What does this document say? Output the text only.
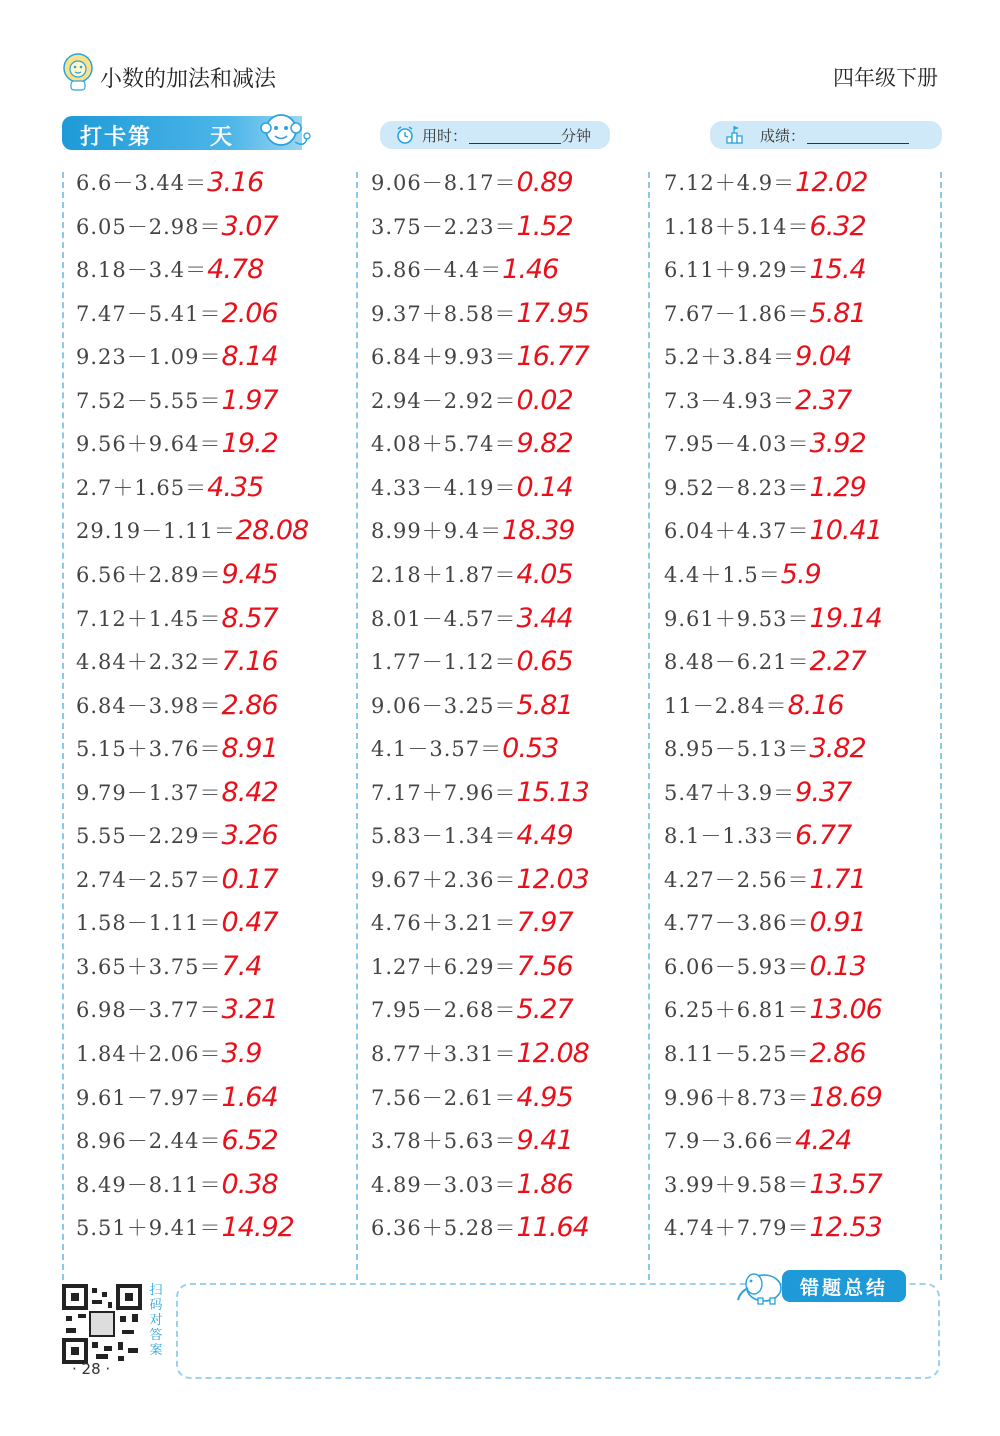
小数的加法和减法	四年级下册
打卡第	天	用时：	分钟	成绩：
6.6－3.44＝3.16
6.05－2.98＝3.07
8.18－3.4＝4.78
7.47－5.41＝2.06
9.23－1.09＝8.14
7.52－5.55＝1.97
9.56＋9.64＝19.2
2.7＋1.65＝4.35
29.19－1.11＝28.08
6.56＋2.89＝9.45
7.12＋1.45＝8.57
4.84＋2.32＝7.16
6.84－3.98＝2.86
5.15＋3.76＝8.91
9.79－1.37＝8.42
5.55－2.29＝3.26
2.74－2.57＝0.17
1.58－1.11＝0.47
3.65＋3.75＝7.4
6.98－3.77＝3.21
1.84＋2.06＝3.9
9.61－7.97＝1.64
8.96－2.44＝6.52
8.49－8.11＝0.38
5.51＋9.41＝14.92
9.06－8.17＝0.89
3.75－2.23＝1.52
5.86－4.4＝1.46
9.37＋8.58＝17.95
6.84＋9.93＝16.77
2.94－2.92＝0.02
4.08＋5.74＝9.82
4.33－4.19＝0.14
8.99＋9.4＝18.39
2.18＋1.87＝4.05
8.01－4.57＝3.44
1.77－1.12＝0.65
9.06－3.25＝5.81
4.1－3.57＝0.53
7.17＋7.96＝15.13
5.83－1.34＝4.49
9.67＋2.36＝12.03
4.76＋3.21＝7.97
1.27＋6.29＝7.56
7.95－2.68＝5.27
8.77＋3.31＝12.08
7.56－2.61＝4.95
3.78＋5.63＝9.41
4.89－3.03＝1.86
6.36＋5.28＝11.64
7.12＋4.9＝12.02
1.18＋5.14＝6.32
6.11＋9.29＝15.4
7.67－1.86＝5.81
5.2＋3.84＝9.04
7.3－4.93＝2.37
7.95－4.03＝3.92
9.52－8.23＝1.29
6.04＋4.37＝10.41
4.4＋1.5＝5.9
9.61＋9.53＝19.14
8.48－6.21＝2.27
11－2.84＝8.16
8.95－5.13＝3.82
5.47＋3.9＝9.37
8.1－1.33＝6.77
4.27－2.56＝1.71
4.77－3.86＝0.91
6.06－5.93＝0.13
6.25＋6.81＝13.06
8.11－5.25＝2.86
9.96＋8.73＝18.69
7.9－3.66＝4.24
3.99＋9.58＝13.57
4.74＋7.79＝12.53
扫码对答案
· 28 ·
错题总结
